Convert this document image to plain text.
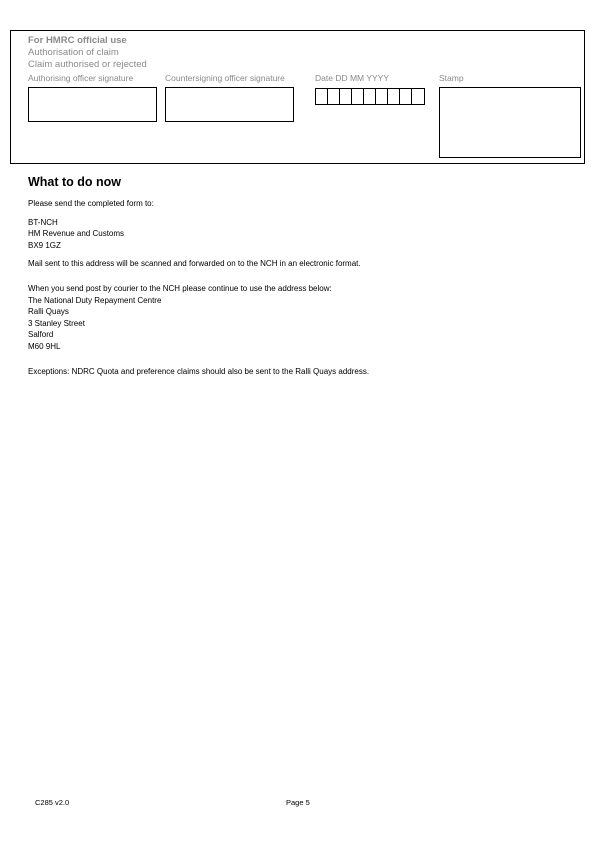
For HMRC official use
Authorisation of claim
Claim authorised or rejected
Authorising officer signature	Countersigning officer signature	Date DD MM YYYY	Stamp
What to do now

Please send the completed form to:

BT-NCH

HM Revenue and Customs

BX9 1GZ

Mail sent to this address will be scanned and forwarded on to the NCH in an electronic format.

When you send post by courier to the NCH please continue to use the address below:

The National Duty Repayment Centre

Ralli Quays

3 Stanley Street

Salford

M60 9HL

Exceptions: NDRC Quota and preference claims should also be sent to the Ralli Quays address.

C285 v2.0	Page 5
